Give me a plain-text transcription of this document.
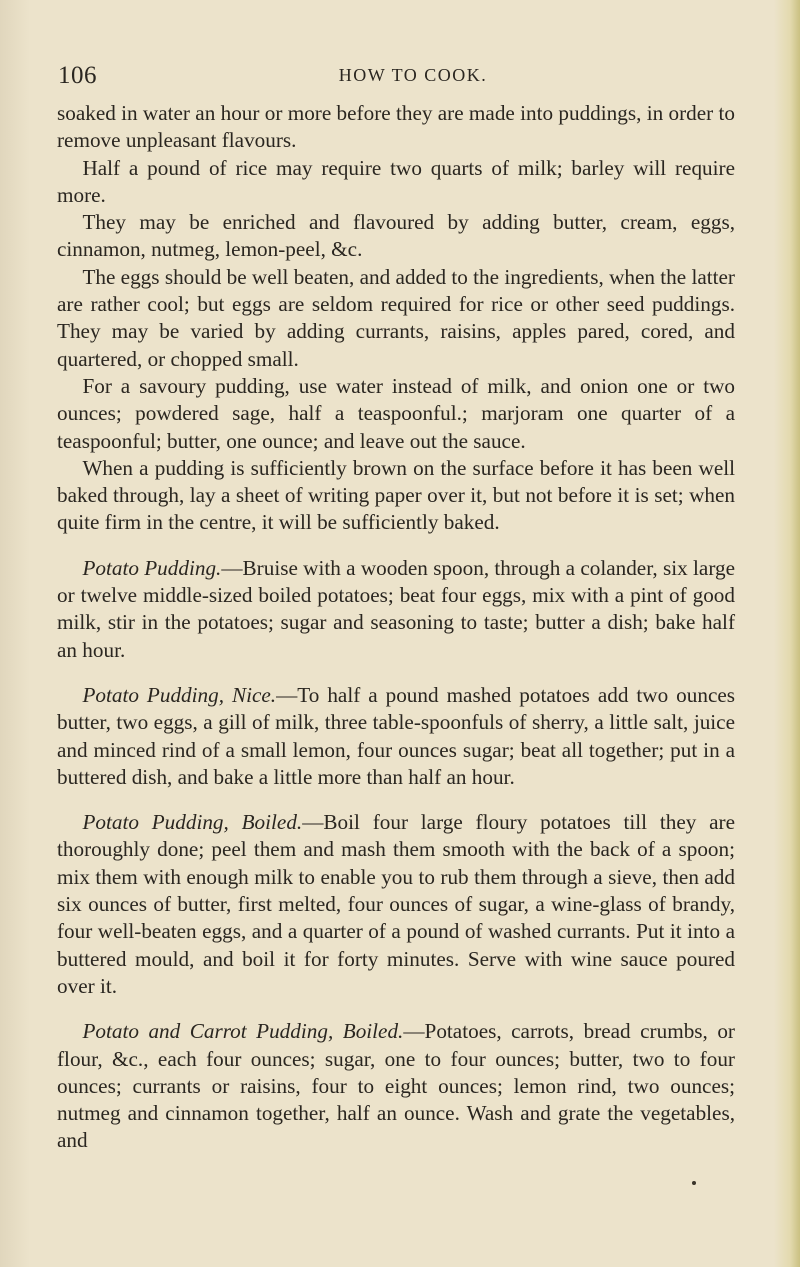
106	HOW TO COOK.

soaked in water an hour or more before they are made into puddings, in order to remove unpleasant flavours.

Half a pound of rice may require two quarts of milk; barley will require more.

They may be enriched and flavoured by adding butter, cream, eggs, cinnamon, nutmeg, lemon-peel, &c.

The eggs should be well beaten, and added to the ingredients, when the latter are rather cool; but eggs are seldom required for rice or other seed puddings. They may be varied by adding currants, raisins, apples pared, cored, and quartered, or chopped small.

For a savoury pudding, use water instead of milk, and onion one or two ounces; powdered sage, half a teaspoonful.; marjoram one quarter of a teaspoonful; butter, one ounce; and leave out the sauce.

When a pudding is sufficiently brown on the surface before it has been well baked through, lay a sheet of writing paper over it, but not before it is set; when quite firm in the centre, it will be sufficiently baked.

Potato Pudding.—Bruise with a wooden spoon, through a colander, six large or twelve middle-sized boiled potatoes; beat four eggs, mix with a pint of good milk, stir in the potatoes; sugar and seasoning to taste; butter a dish; bake half an hour.

Potato Pudding, Nice.—To half a pound mashed potatoes add two ounces butter, two eggs, a gill of milk, three table-spoonfuls of sherry, a little salt, juice and minced rind of a small lemon, four ounces sugar; beat all together; put in a buttered dish, and bake a little more than half an hour.

Potato Pudding, Boiled.—Boil four large floury potatoes till they are thoroughly done; peel them and mash them smooth with the back of a spoon; mix them with enough milk to enable you to rub them through a sieve, then add six ounces of butter, first melted, four ounces of sugar, a wine-glass of brandy, four well-beaten eggs, and a quarter of a pound of washed currants. Put it into a buttered mould, and boil it for forty minutes. Serve with wine sauce poured over it.

Potato and Carrot Pudding, Boiled.—Potatoes, carrots, bread crumbs, or flour, &c., each four ounces; sugar, one to four ounces; butter, two to four ounces; currants or raisins, four to eight ounces; lemon rind, two ounces; nutmeg and cinnamon together, half an ounce. Wash and grate the vegetables, and
